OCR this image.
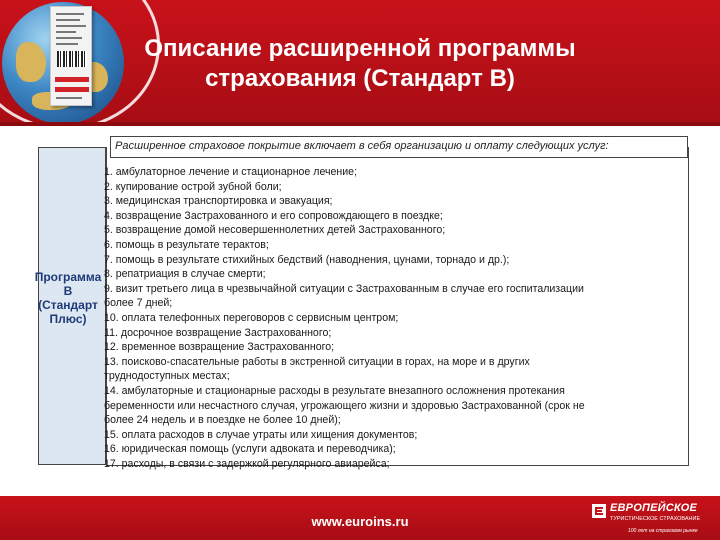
Описание расширенной программы
страхования (Стандарт В)
Программа
В
(Стандарт
Плюс)
Расширенное страховое покрытие включает в себя организацию и оплату следующих услуг:
1. амбулаторное лечение и стационарное лечение;
2. купирование острой зубной боли;
3. медицинская транспортировка и эвакуация;
4. возвращение Застрахованного и его сопровождающего в поездке;
5. возвращение домой несовершеннолетних детей Застрахованного;
6. помощь в результате терактов;
7. помощь в результате стихийных бедствий (наводнения, цунами, торнадо и др.);
8. репатриация в случае смерти;
9. визит третьего лица в чрезвычайной ситуации с Застрахованным в случае его госпитализации
более 7 дней;
10. оплата телефонных переговоров с сервисным центром;
11. досрочное возвращение Застрахованного;
12. временное возвращение Застрахованного;
13. поисково-спасательные работы в экстренной ситуации в горах, на море и в других
труднодоступных местах;
14. амбулаторные и стационарные расходы в результате внезапного осложнения протекания
беременности или несчастного случая, угрожающего жизни и здоровью Застрахованной (срок не
более 24 недель и в поездке не более 10 дней);
15. оплата расходов в случае утраты или хищения документов;
16. юридическая помощь (услуги адвоката и переводчика);
17. расходы, в связи с задержкой регулярного авиарейса;
www.euroins.ru
ЕВРОПЕЙСКОЕ
ТУРИСТИЧЕСКОЕ СТРАХОВАНИЕ
100 лет на страховом рынке
